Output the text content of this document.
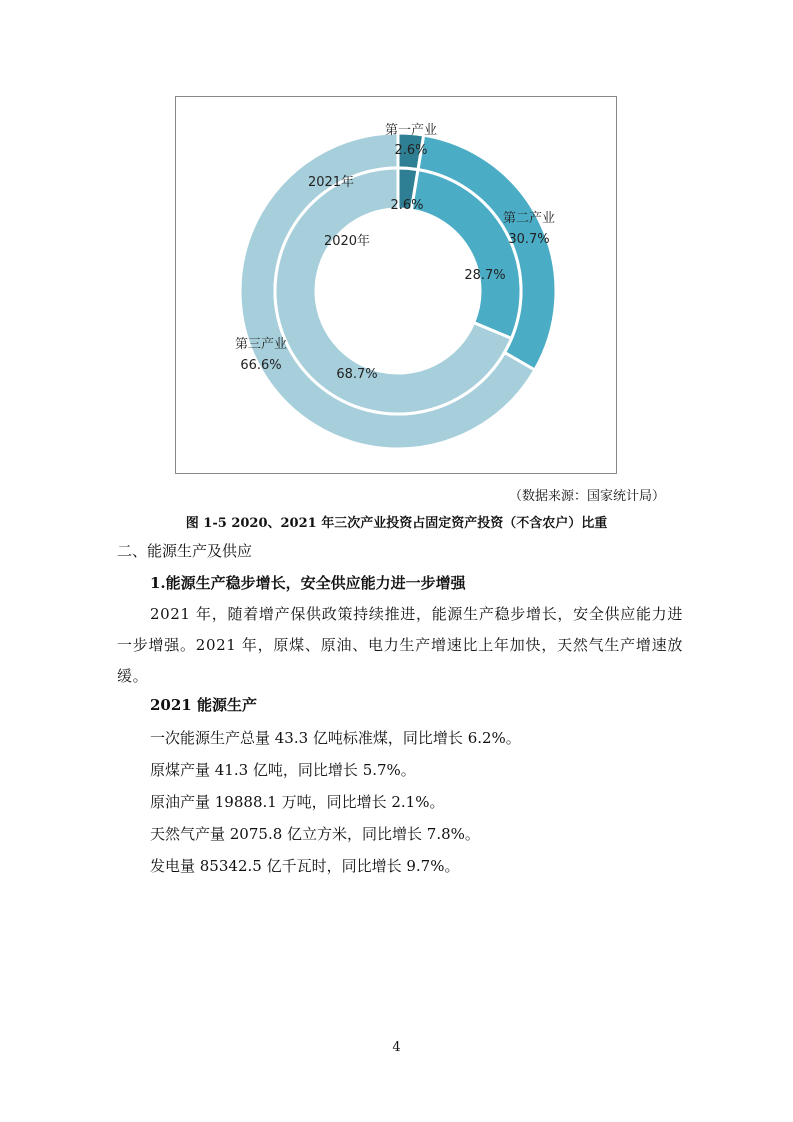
第一产业
2.6%
第二产业
30.7%
第三产业
66.6%
2021年
2.6%
2020年
28.7%
68.7%
（数据来源：国家统计局）
图 1-5 2020、2021 年三次产业投资占固定资产投资（不含农户）比重
二、能源生产及供应
1.能源生产稳步增长，安全供应能力进一步增强
2021 年，随着增产保供政策持续推进，能源生产稳步增长，安全供应能力进一步增强。2021 年，原煤、原油、电力生产增速比上年加快，天然气生产增速放缓。
2021 能源生产
一次能源生产总量 43.3 亿吨标准煤，同比增长 6.2%。
原煤产量 41.3 亿吨，同比增长 5.7%。
原油产量 19888.1 万吨，同比增长 2.1%。
天然气产量 2075.8 亿立方米，同比增长 7.8%。
发电量 85342.5 亿千瓦时，同比增长 9.7%。
4
